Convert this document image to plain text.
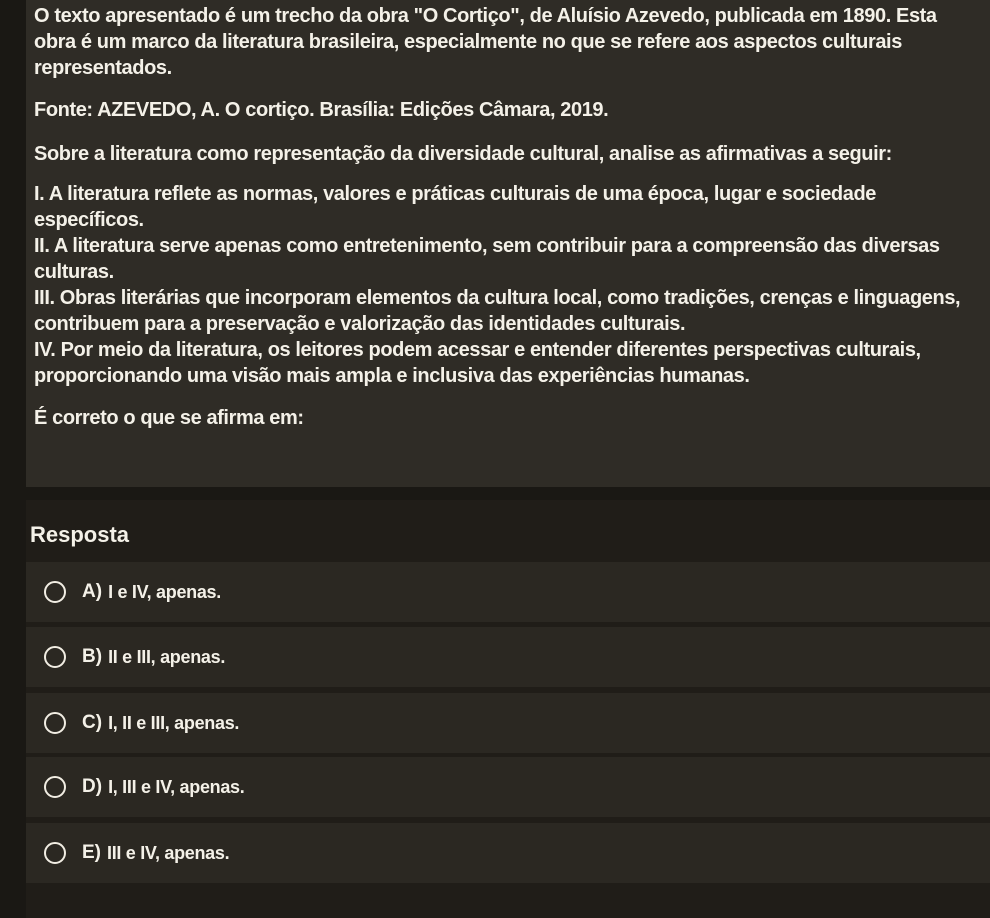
O texto apresentado é um trecho da obra "O Cortiço", de Aluísio Azevedo, publicada em 1890. Esta obra é um marco da literatura brasileira, especialmente no que se refere aos aspectos culturais representados.

Fonte: AZEVEDO, A. O cortiço. Brasília: Edições Câmara, 2019.

Sobre a literatura como representação da diversidade cultural, analise as afirmativas a seguir:

I. A literatura reflete as normas, valores e práticas culturais de uma época, lugar e sociedade específicos.

II. A literatura serve apenas como entretenimento, sem contribuir para a compreensão das diversas culturas.

III. Obras literárias que incorporam elementos da cultura local, como tradições, crenças e linguagens, contribuem para a preservação e valorização das identidades culturais.

IV. Por meio da literatura, os leitores podem acessar e entender diferentes perspectivas culturais, proporcionando uma visão mais ampla e inclusiva das experiências humanas.

É correto o que se afirma em:

Resposta
A) I e IV, apenas.
B) II e III, apenas.
C) I, II e III, apenas.
D) I, III e IV, apenas.
E) III e IV, apenas.
